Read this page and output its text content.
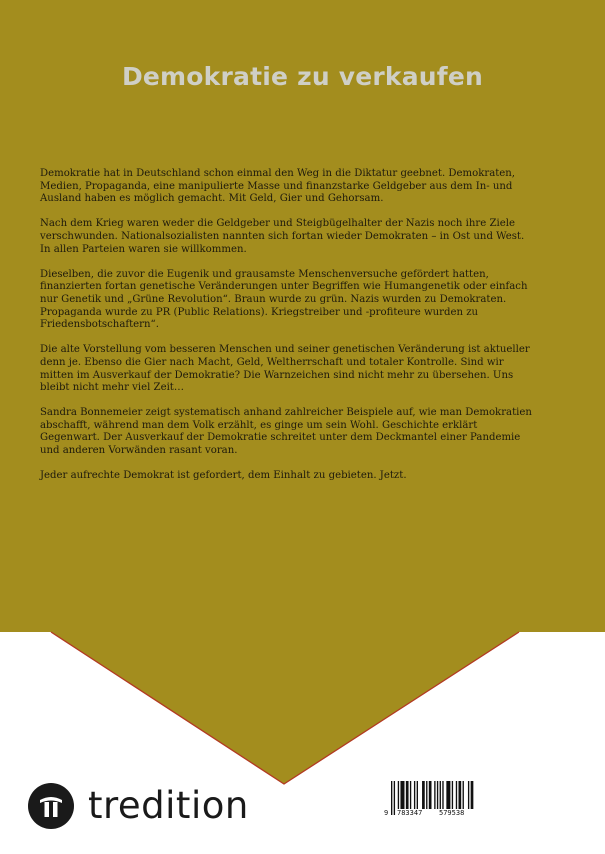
Demokratie zu verkaufen

Demokratie hat in Deutschland schon einmal den Weg in die Diktatur geebnet. Demokraten, Medien, Propaganda, eine manipulierte Masse und finanzstarke Geldgeber aus dem In- und Ausland haben es möglich gemacht. Mit Geld, Gier und Gehorsam.

Nach dem Krieg waren weder die Geldgeber und Steigbügelhalter der Nazis noch ihre Ziele verschwunden. Nationalsozialisten nannten sich fortan wieder Demokraten – in Ost und West. In allen Parteien waren sie willkommen.

Dieselben, die zuvor die Eugenik und grausamste Menschenversuche gefördert hatten, finanzierten fortan genetische Veränderungen unter Begriffen wie Humangenetik oder einfach nur Genetik und „Grüne Revolution“. Braun wurde zu grün. Nazis wurden zu Demokraten. Propaganda wurde zu PR (Public Relations). Kriegstreiber und -profiteure wurden zu Friedensbotschaftern“.

Die alte Vorstellung vom besseren Menschen und seiner genetischen Veränderung ist aktueller denn je. Ebenso die Gier nach Macht, Geld, Weltherrschaft und totaler Kontrolle. Sind wir mitten im Ausverkauf der Demokratie? Die Warnzeichen sind nicht mehr zu übersehen. Uns bleibt nicht mehr viel Zeit…

Sandra Bonnemeier zeigt systematisch anhand zahlreicher Beispiele auf, wie man Demokratien abschafft, während man dem Volk erzählt, es ginge um sein Wohl. Geschichte erklärt Gegenwart. Der Ausverkauf der Demokratie schreitet unter dem Deckmantel einer Pandemie und anderen Vorwänden rasant voran.

Jeder aufrechte Demokrat ist gefordert, dem Einhalt zu gebieten. Jetzt.

tredition	9 783347 579538
